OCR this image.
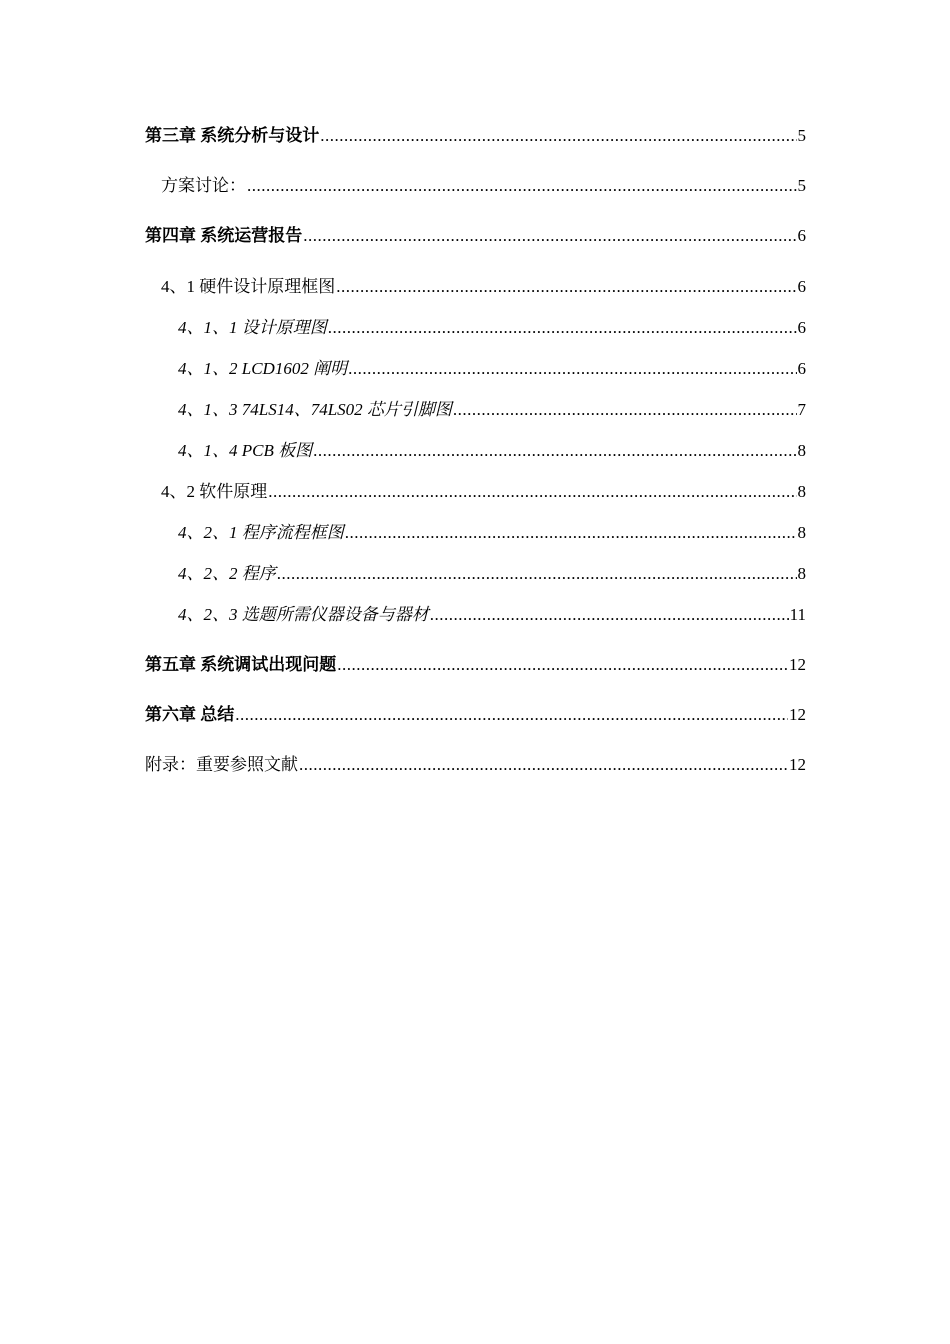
第三章 系统分析与设计 .....	5
方案讨论： .....	5
第四章 系统运营报告 .....	6
4、1 硬件设计原理框图 .....	6
4、1、1 设计原理图 .....	6
4、1、2 LCD1602 阐明 .....	6
4、1、3 74LS14、74LS02 芯片引脚图 .....	7
4、1、4 PCB 板图 .....	8
4、2 软件原理 .....	8
4、2、1 程序流程框图 .....	8
4、2、2 程序 .....	8
4、2、3 选题所需仪器设备与器材 .....	11
第五章 系统调试出现问题 .....	12
第六章 总结 .....	12
附录：重要参照文献 .....	12
